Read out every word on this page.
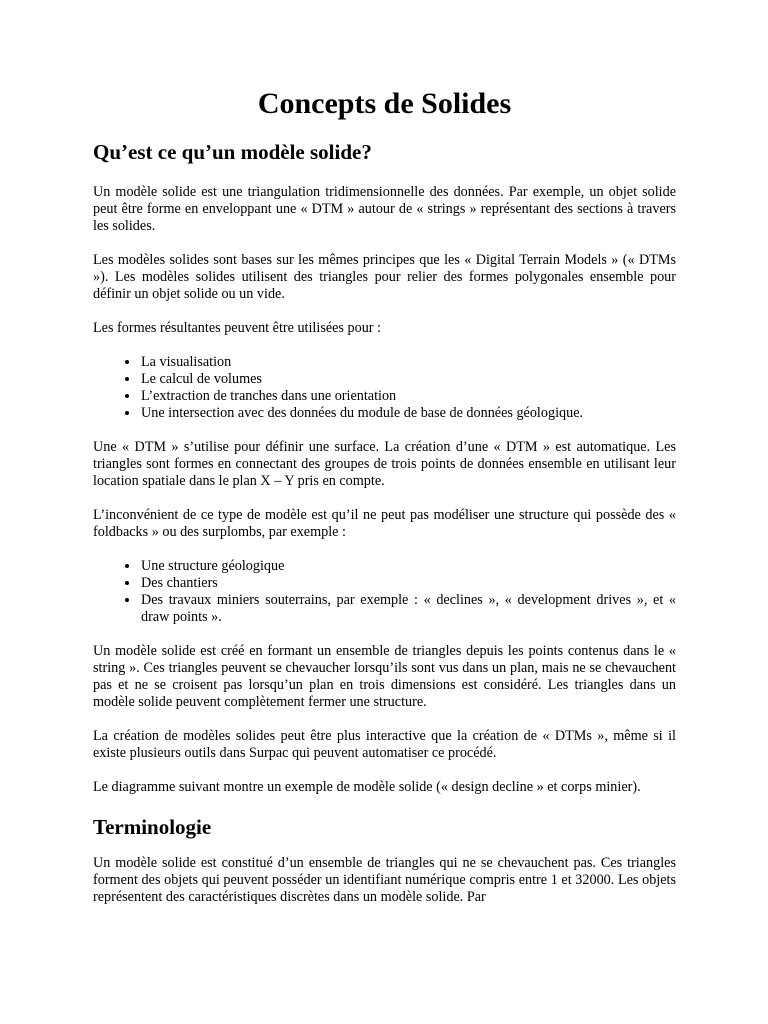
Concepts de Solides
Qu’est ce qu’un modèle solide?

Un modèle solide est une triangulation tridimensionnelle des données. Par exemple, un objet solide peut être forme en enveloppant une « DTM » autour de « strings » représentant des sections à travers les solides.

Les modèles solides sont bases sur les mêmes principes que les « Digital Terrain Models » (« DTMs »). Les modèles solides utilisent des triangles pour relier des formes polygonales ensemble pour définir un objet solide ou un vide.

Les formes résultantes peuvent être utilisées pour :

• La visualisation
• Le calcul de volumes
• L’extraction de tranches dans une orientation
• Une intersection avec des données du module de base de données géologique.

Une « DTM » s’utilise pour définir une surface. La création d’une « DTM » est automatique. Les triangles sont formes en connectant des groupes de trois points de données ensemble en utilisant leur location spatiale dans le plan X – Y pris en compte.

L’inconvénient de ce type de modèle est qu’il ne peut pas modéliser une structure qui possède des « foldbacks » ou des surplombs, par exemple :

• Une structure géologique
• Des chantiers
• Des travaux miniers souterrains, par exemple : « declines », « development drives », et « draw points ».

Un modèle solide est créé en formant un ensemble de triangles depuis les points contenus dans le « string ». Ces triangles peuvent se chevaucher lorsqu’ils sont vus dans un plan, mais ne se chevauchent pas et ne se croisent pas lorsqu’un plan en trois dimensions est considéré. Les triangles dans un modèle solide peuvent complètement fermer une structure.

La création de modèles solides peut être plus interactive que la création de « DTMs », même si il existe plusieurs outils dans Surpac qui peuvent automatiser ce procédé.

Le diagramme suivant montre un exemple de modèle solide (« design decline » et corps minier).

Terminologie

Un modèle solide est constitué d’un ensemble de triangles qui ne se chevauchent pas. Ces triangles forment des objets qui peuvent posséder un identifiant numérique compris entre 1 et 32000. Les objets représentent des caractéristiques discrètes dans un modèle solide. Par
